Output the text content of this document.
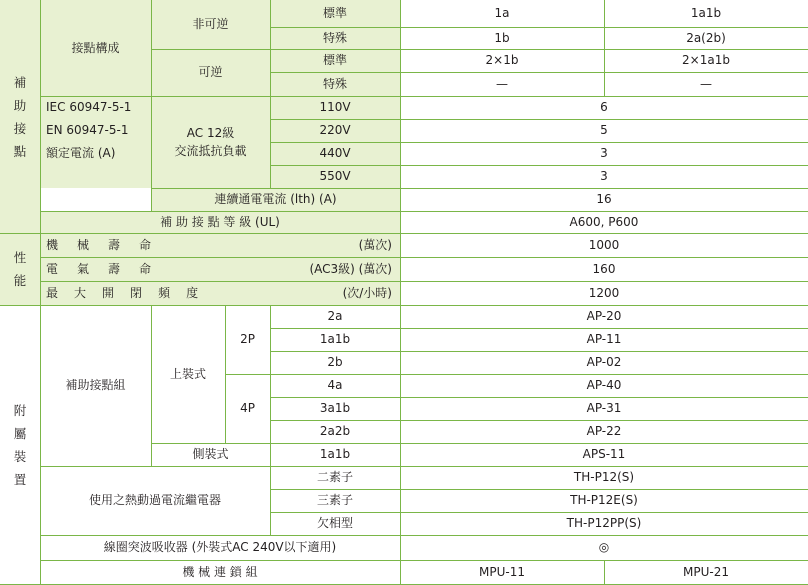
補
助
接
點
性
能
附
屬
裝
置
接點構成
非可逆
可逆
標準	1a	1a1b
特殊	1b	2a(2b)
標準	2×1b	2×1a1b
特殊	—	—
IEC 60947-5-1
EN 60947-5-1
額定電流 (A)
AC 12級
交流抵抗負載
110V	6
220V	5
440V	3
550V	3
連續通電電流 (lth) (A)	16
補 助 接 點 等 級 (UL)	A600, P600
機 械 壽 命	(萬次)	1000
電 氣 壽 命	(AC3級) (萬次)	160
最 大 開 閉 頻 度	(次/小時)	1200
補助接點組
上裝式
2P
4P
2a	AP-20
1a1b	AP-11
2b	AP-02
4a	AP-40
3a1b	AP-31
2a2b	AP-22
側裝式	1a1b	APS-11
使用之熱動過電流繼電器
二素子	TH-P12(S)
三素子	TH-P12E(S)
欠相型	TH-P12PP(S)
線圈突波吸收器 (外裝式AC 240V以下適用)	◎
機 械 連 鎖 組	MPU-11	MPU-21
